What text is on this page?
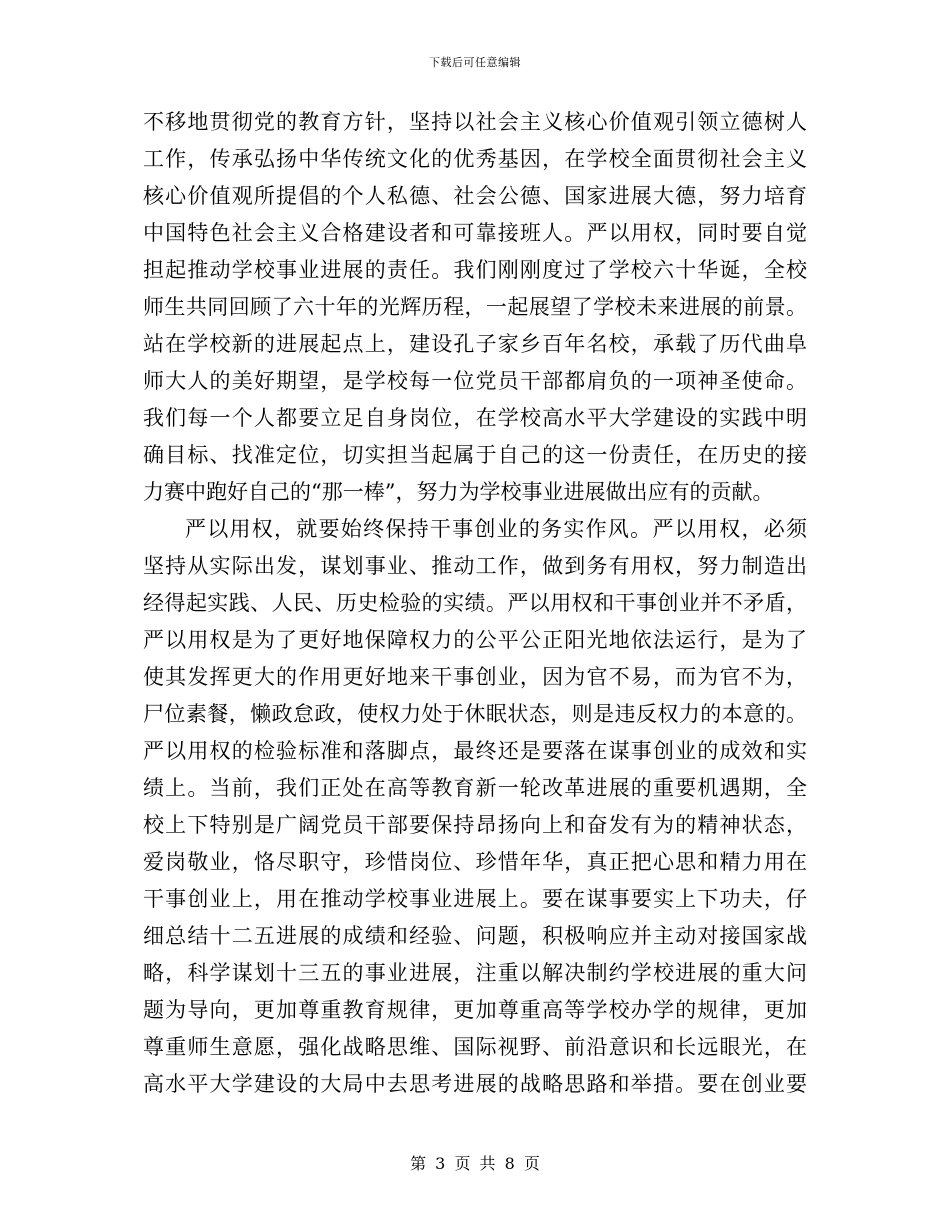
下载后可任意编辑
不移地贯彻党的教育方针，坚持以社会主义核心价值观引领立德树人
工作，传承弘扬中华传统文化的优秀基因，在学校全面贯彻社会主义
核心价值观所提倡的个人私德、社会公德、国家进展大德，努力培育
中国特色社会主义合格建设者和可靠接班人。严以用权，同时要自觉
担起推动学校事业进展的责任。我们刚刚度过了学校六十华诞，全校
师生共同回顾了六十年的光辉历程，一起展望了学校未来进展的前景。
站在学校新的进展起点上，建设孔子家乡百年名校，承载了历代曲阜
师大人的美好期望，是学校每一位党员干部都肩负的一项神圣使命。
我们每一个人都要立足自身岗位，在学校高水平大学建设的实践中明
确目标、找准定位，切实担当起属于自己的这一份责任，在历史的接
力赛中跑好自己的“那一棒”，努力为学校事业进展做出应有的贡献。
严以用权，就要始终保持干事创业的务实作风。严以用权，必须
坚持从实际出发，谋划事业、推动工作，做到务有用权，努力制造出
经得起实践、人民、历史检验的实绩。严以用权和干事创业并不矛盾，
严以用权是为了更好地保障权力的公平公正阳光地依法运行，是为了
使其发挥更大的作用更好地来干事创业，因为官不易，而为官不为，
尸位素餐，懒政怠政，使权力处于休眠状态，则是违反权力的本意的。
严以用权的检验标准和落脚点，最终还是要落在谋事创业的成效和实
绩上。当前，我们正处在高等教育新一轮改革进展的重要机遇期，全
校上下特别是广阔党员干部要保持昂扬向上和奋发有为的精神状态，
爱岗敬业，恪尽职守，珍惜岗位、珍惜年华，真正把心思和精力用在
干事创业上，用在推动学校事业进展上。要在谋事要实上下功夫，仔
细总结十二五进展的成绩和经验、问题，积极响应并主动对接国家战
略，科学谋划十三五的事业进展，注重以解决制约学校进展的重大问
题为导向，更加尊重教育规律，更加尊重高等学校办学的规律，更加
尊重师生意愿，强化战略思维、国际视野、前沿意识和长远眼光，在
高水平大学建设的大局中去思考进展的战略思路和举措。要在创业要
第 3 页 共 8 页
